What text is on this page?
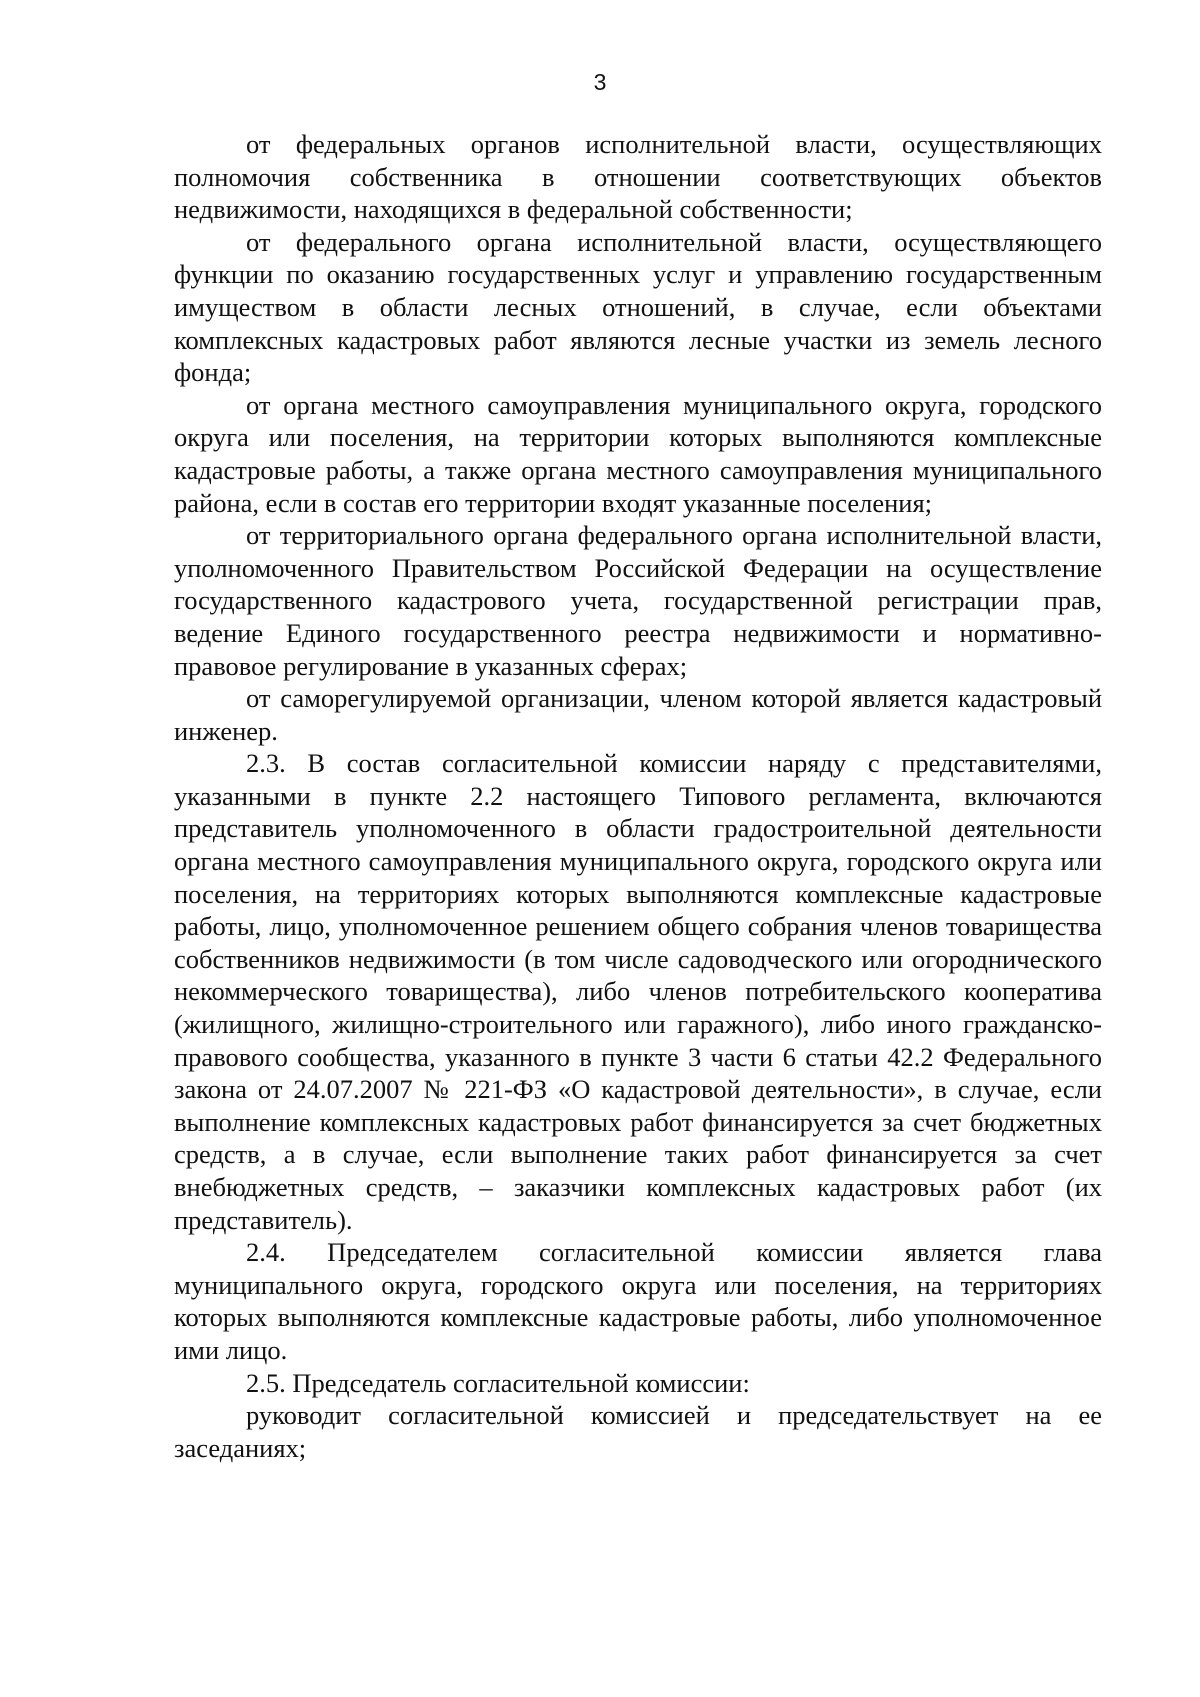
3

от федеральных органов исполнительной власти, осуществляющих полномочия собственника в отношении соответствующих объектов недвижимости, находящихся в федеральной собственности;

от федерального органа исполнительной власти, осуществляющего функции по оказанию государственных услуг и управлению государственным имуществом в области лесных отношений, в случае, если объектами комплексных кадастровых работ являются лесные участки из земель лесного фонда;

от органа местного самоуправления муниципального округа, городского округа или поселения, на территории которых выполняются комплексные кадастровые работы, а также органа местного самоуправления муниципального района, если в состав его территории входят указанные поселения;

от территориального органа федерального органа исполнительной власти, уполномоченного Правительством Российской Федерации на осуществление государственного кадастрового учета, государственной регистрации прав, ведение Единого государственного реестра недвижимости и нормативно-правовое регулирование в указанных сферах;

от саморегулируемой организации, членом которой является кадастровый инженер.

2.3. В состав согласительной комиссии наряду с представителями, указанными в пункте 2.2 настоящего Типового регламента, включаются представитель уполномоченного в области градостроительной деятельности органа местного самоуправления муниципального округа, городского округа или поселения, на территориях которых выполняются комплексные кадастровые работы, лицо, уполномоченное решением общего собрания членов товарищества собственников недвижимости (в том числе садоводческого или огороднического некоммерческого товарищества), либо членов потребительского кооператива (жилищного, жилищно-строительного или гаражного), либо иного гражданско-правового сообщества, указанного в пункте 3 части 6 статьи 42.2 Федерального закона от 24.07.2007 № 221-ФЗ «О кадастровой деятельности», в случае, если выполнение комплексных кадастровых работ финансируется за счет бюджетных средств, а в случае, если выполнение таких работ финансируется за счет внебюджетных средств, – заказчики комплексных кадастровых работ (их представитель).

2.4. Председателем согласительной комиссии является глава муниципального округа, городского округа или поселения, на территориях которых выполняются комплексные кадастровые работы, либо уполномоченное ими лицо.

2.5. Председатель согласительной комиссии:

руководит согласительной комиссией и председательствует на ее заседаниях;
